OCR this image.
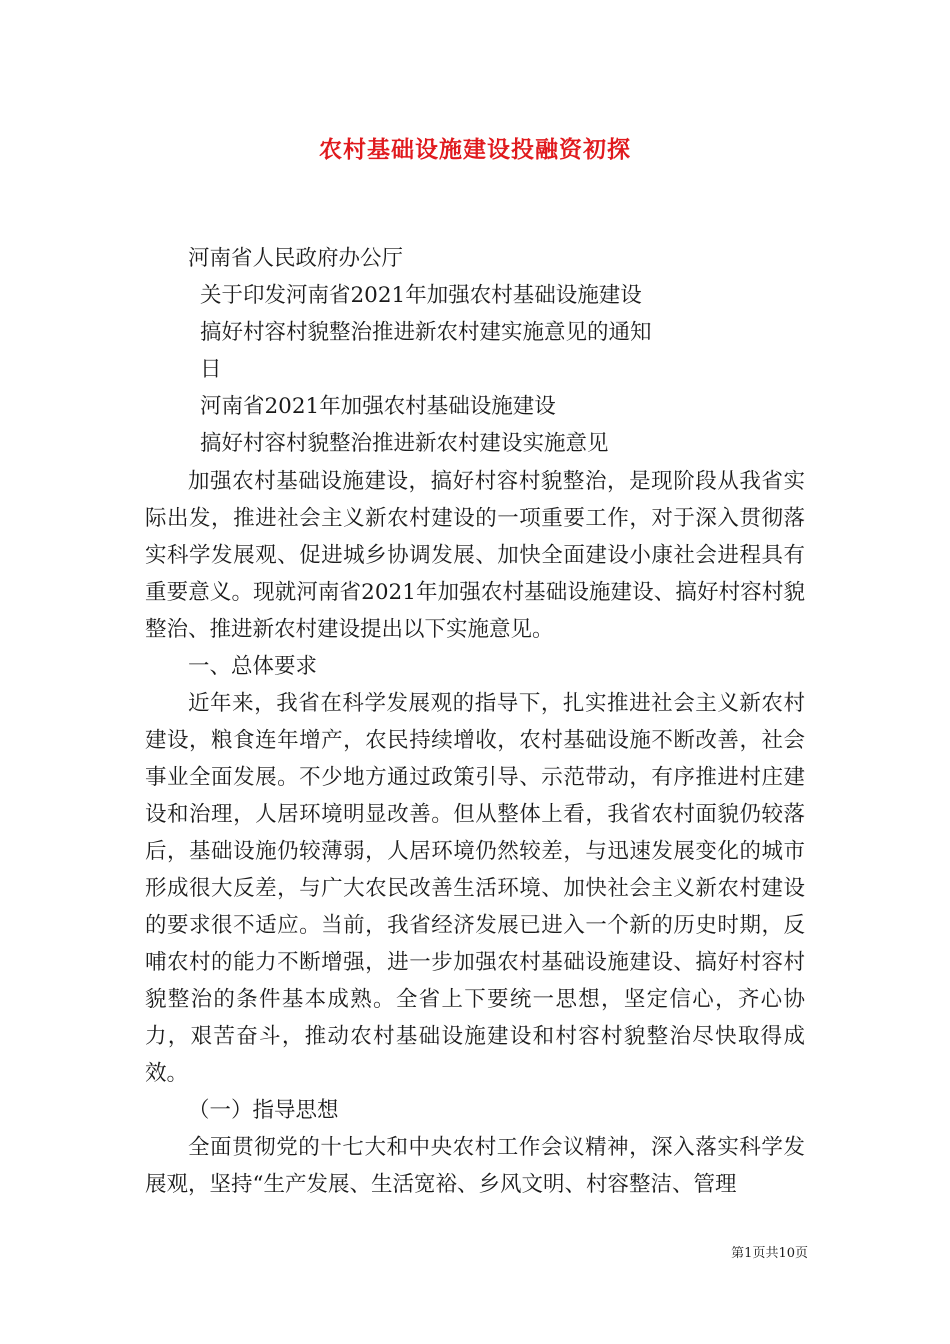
农村基础设施建设投融资初探
河南省人民政府办公厅
关于印发河南省2021年加强农村基础设施建设
搞好村容村貌整治推进新农村建实施意见的通知
日
河南省2021年加强农村基础设施建设
搞好村容村貌整治推进新农村建设实施意见

加强农村基础设施建设，搞好村容村貌整治，是现阶段从我省实际出发，推进社会主义新农村建设的一项重要工作，对于深入贯彻落实科学发展观、促进城乡协调发展、加快全面建设小康社会进程具有重要意义。现就河南省2021年加强农村基础设施建设、搞好村容村貌整治、推进新农村建设提出以下实施意见。

一、总体要求

近年来，我省在科学发展观的指导下，扎实推进社会主义新农村建设，粮食连年增产，农民持续增收，农村基础设施不断改善，社会事业全面发展。不少地方通过政策引导、示范带动，有序推进村庄建设和治理，人居环境明显改善。但从整体上看，我省农村面貌仍较落后，基础设施仍较薄弱，人居环境仍然较差，与迅速发展变化的城市形成很大反差，与广大农民改善生活环境、加快社会主义新农村建设的要求很不适应。当前，我省经济发展已进入一个新的历史时期，反哺农村的能力不断增强，进一步加强农村基础设施建设、搞好村容村貌整治的条件基本成熟。全省上下要统一思想，坚定信心，齐心协力，艰苦奋斗，推动农村基础设施建设和村容村貌整治尽快取得成效。

（一）指导思想

全面贯彻党的十七大和中央农村工作会议精神，深入落实科学发展观，坚持“生产发展、生活宽裕、乡风文明、村容整洁、管理

第1页共10页
